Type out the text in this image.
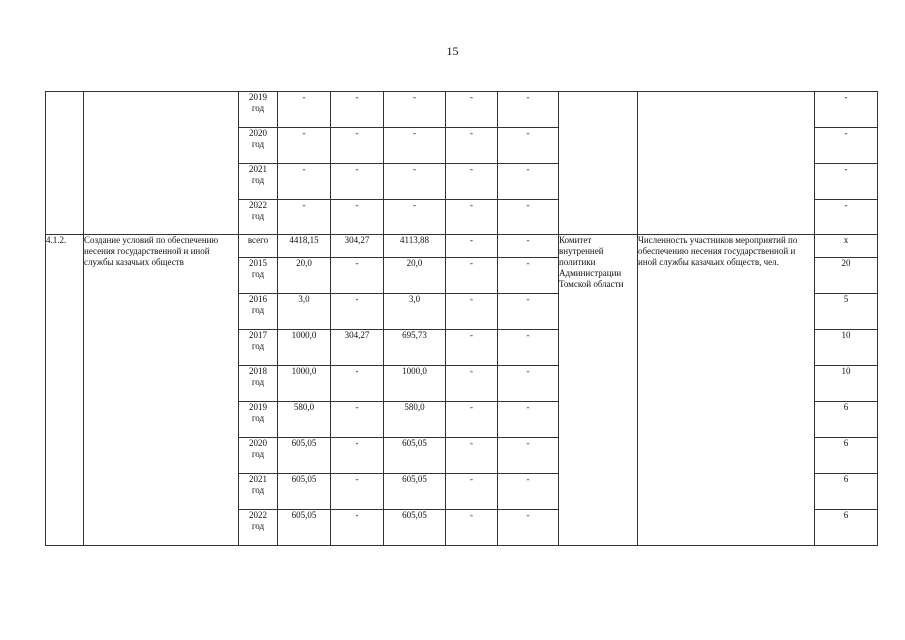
15

		2019
год	-	-	-	-	-			-

		2020
год	-	-	-	-	-			-

		2021
год	-	-	-	-	-			-

		2022
год	-	-	-	-	-			-
4.1.2.	Создание условий по обеспечению несения государственной и иной службы казачьих обществ	всего	4418,15	304,27	4113,88	-	-	Комитет внутренней политики Администрации Томской области	Численность участников мероприятий по обеспечению несения государственной и иной службы казачьих обществ, чел.	х

		2015
год	20,0	-	20,0	-	-			20

		2016
год	3,0	-	3,0	-	-			5

		2017
год	1000,0	304,27	695,73	-	-			10

		2018
год	1000,0	-	1000,0	-	-			10

		2019
год	580,0	-	580,0	-	-			6

		2020
год	605,05	-	605,05	-	-			6

		2021
год	605,05	-	605,05	-	-			6

		2022
год	605,05	-	605,05	-	-			6
